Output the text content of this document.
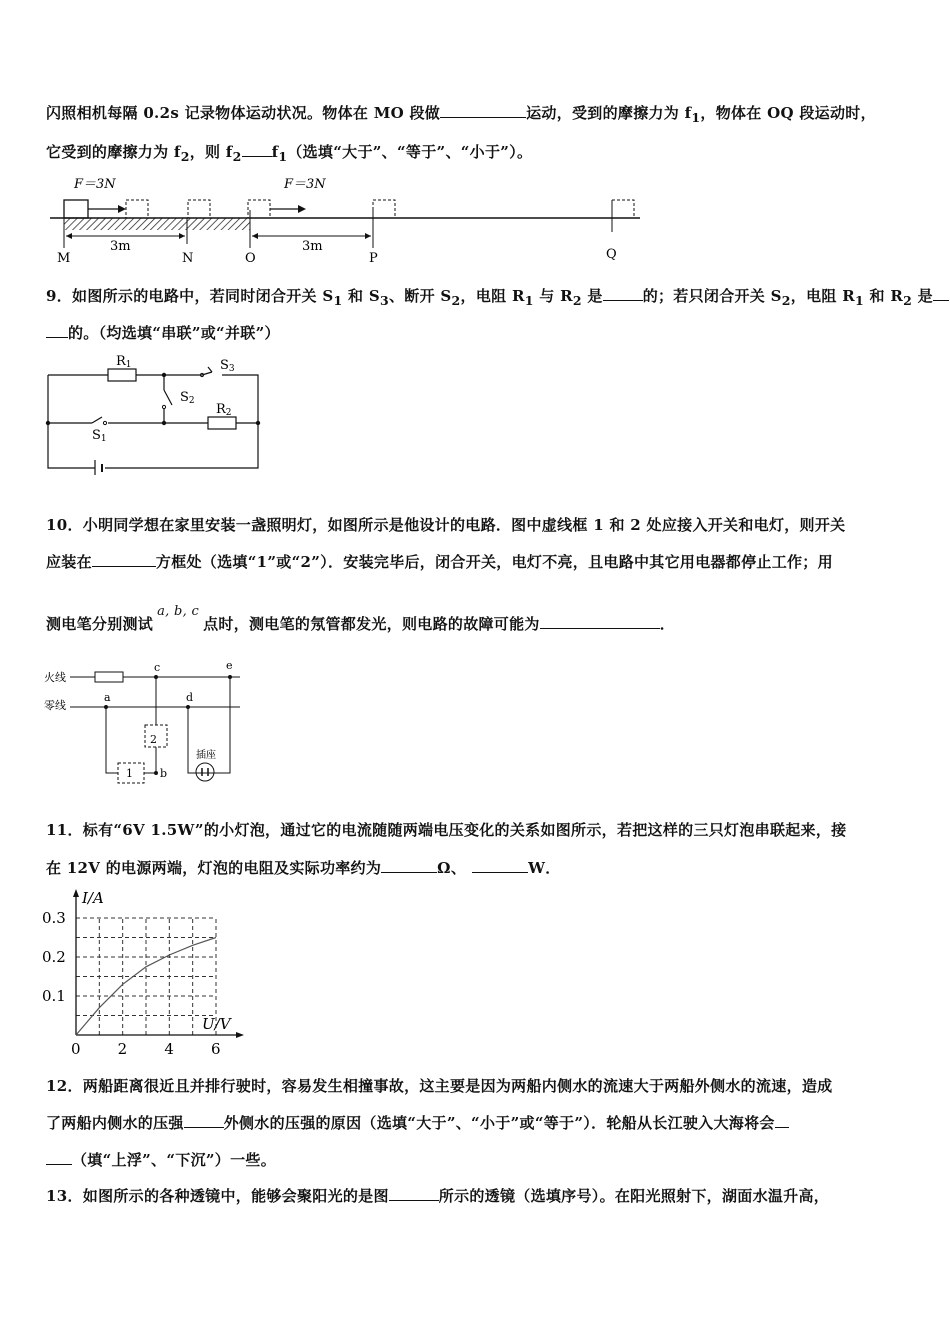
闪照相机每隔 0.2s 记录物体运动状况。物体在 MO 段做	运动，受到的摩擦力为 $f_1$，物体在 OQ 段运动时，
它受到的摩擦力为 $f_2$，则 $f_2$ $f_1$（选填“大于”、“等于”、“小于”）。
F＝3N	F＝3N
3m	3m
M	N	O	P	Q
9．如图所示的电路中，若同时闭合开关 $S_1$ 和 $S_3$、断开 $S_2$，电阻 $R_1$ 与 $R_2$ 是	的；若只闭合开关 $S_2$，电阻 $R_1$ 和 $R_2$ 是
的。（均选填“串联”或“并联”）
R1
R2
S3
S2
S1
10．小明同学想在家里安装一盏照明灯，如图所示是他设计的电路．图中虚线框 1 和 2 处应接入开关和电灯，则开关
应装在	方框处（选填“1”或“2”）．安装完毕后，闭合开关，电灯不亮，且电路中其它用电器都停止工作；用
测电笔分别测试a, b, c点时，测电笔的氖管都发光，则电路的故障可能为	．
火线
零线
a
c
d
e
b
2
1
插座
11．标有“6V 1.5W”的小灯泡，通过它的电流随随两端电压变化的关系如图所示，若把这样的三只灯泡串联起来，接
在 12V 的电源两端，灯泡的电阻及实际功率约为	Ω、	W．
0 2 4 6
0.1
0.2
0.3
I/A
U/V
12．两船距离很近且并排行驶时，容易发生相撞事故，这主要是因为两船内侧水的流速大于两船外侧水的流速，造成
了两船内侧水的压强	外侧水的压强的原因（选填“大于”、“小于”或“等于”）．轮船从长江驶入大海将会
（填“上浮”、“下沉”）一些。
13．如图所示的各种透镜中，能够会聚阳光的是图	所示的透镜（选填序号）。在阳光照射下，湖面水温升高，
